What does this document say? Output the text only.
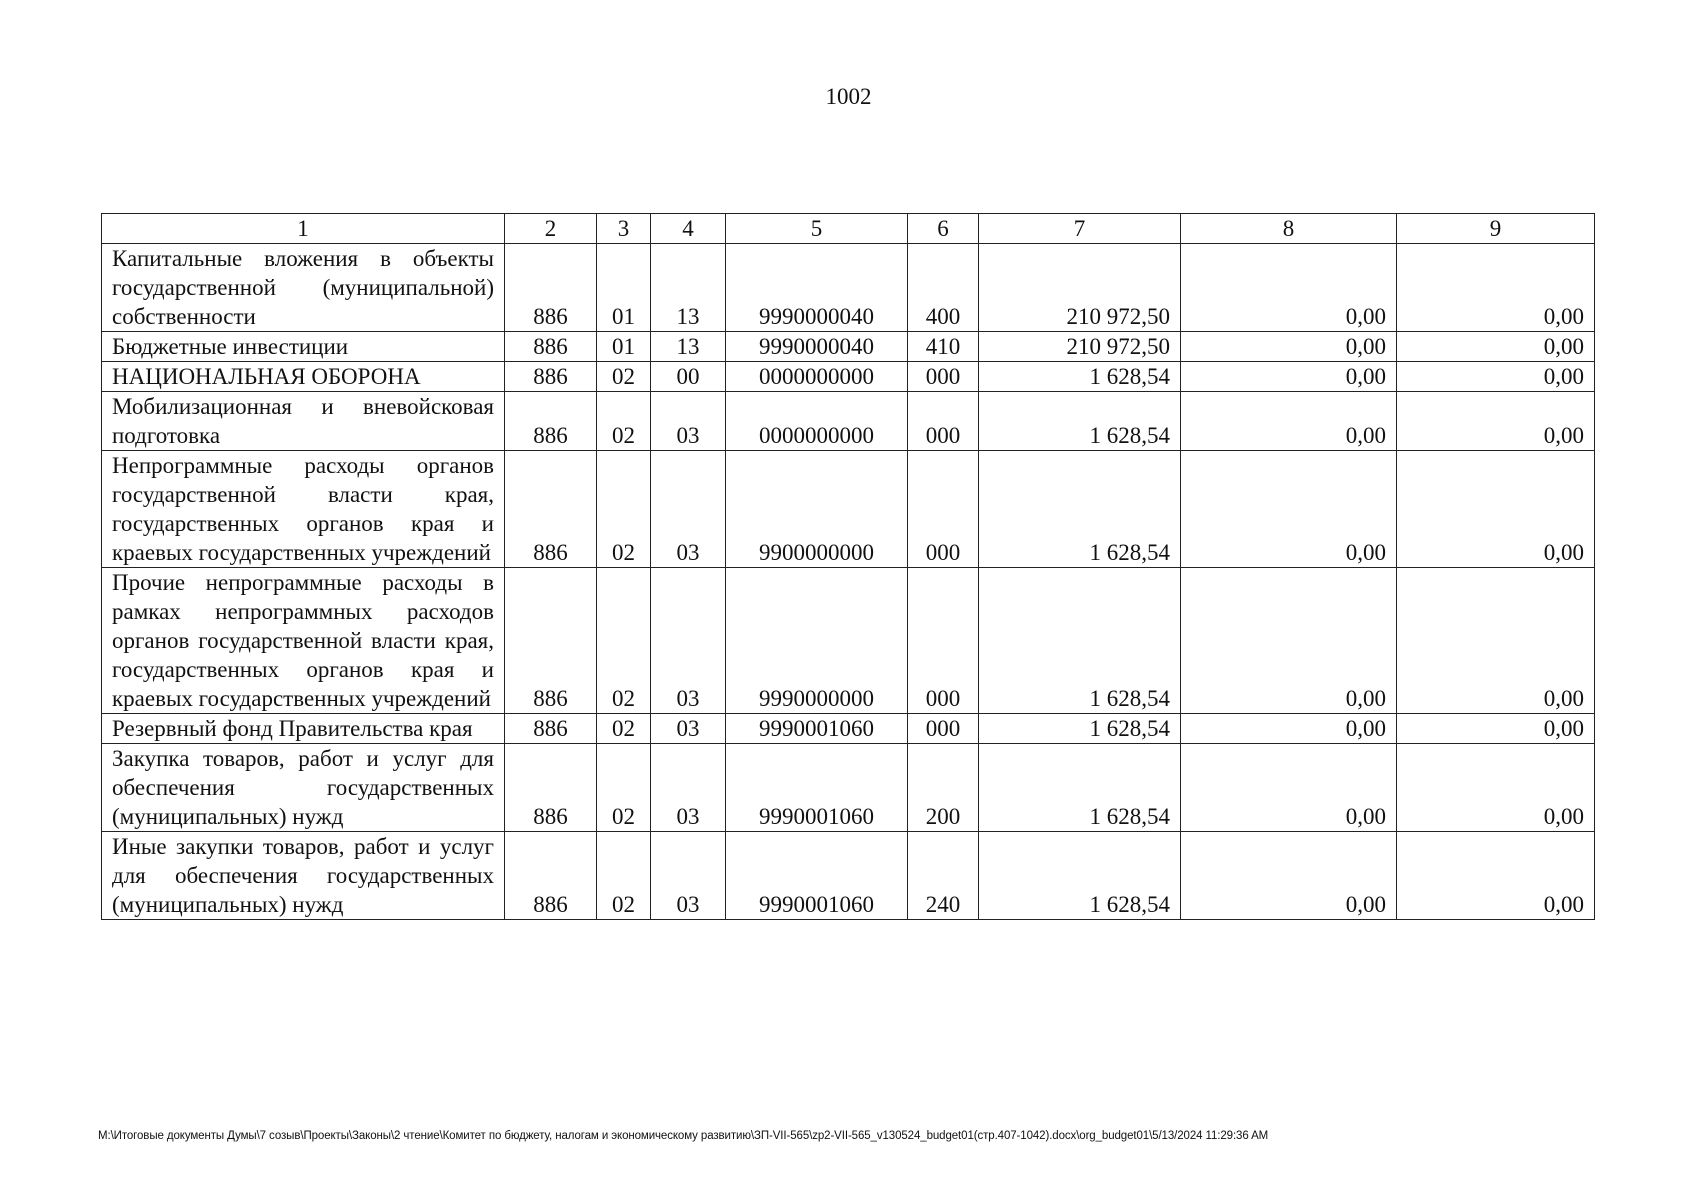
1002
1	2	3	4	5	6	7	8	9
Капитальные вложения в объекты государственной (муниципальной) собственности	886	01	13	9990000040	400	210 972,50	0,00	0,00
Бюджетные инвестиции	886	01	13	9990000040	410	210 972,50	0,00	0,00
НАЦИОНАЛЬНАЯ ОБОРОНА	886	02	00	0000000000	000	1 628,54	0,00	0,00
Мобилизационная и вневойсковая подготовка	886	02	03	0000000000	000	1 628,54	0,00	0,00
Непрограммные расходы органов государственной власти края, государственных органов края и краевых государственных учреждений	886	02	03	9900000000	000	1 628,54	0,00	0,00
Прочие непрограммные расходы в рамках непрограммных расходов органов государственной власти края, государственных органов края и краевых государственных учреждений	886	02	03	9990000000	000	1 628,54	0,00	0,00
Резервный фонд Правительства края	886	02	03	9990001060	000	1 628,54	0,00	0,00
Закупка товаров, работ и услуг для обеспечения государственных (муниципальных) нужд	886	02	03	9990001060	200	1 628,54	0,00	0,00
Иные закупки товаров, работ и услуг для обеспечения государственных (муниципальных) нужд	886	02	03	9990001060	240	1 628,54	0,00	0,00
M:\Итоговые документы Думы\7 созыв\Проекты\Законы\2 чтение\Комитет по бюджету, налогам и экономическому развитию\ЗП-VII-565\zp2-VII-565_v130524_budget01(стр.407-1042).docx\org_budget01\5/13/2024 11:29:36 AM
